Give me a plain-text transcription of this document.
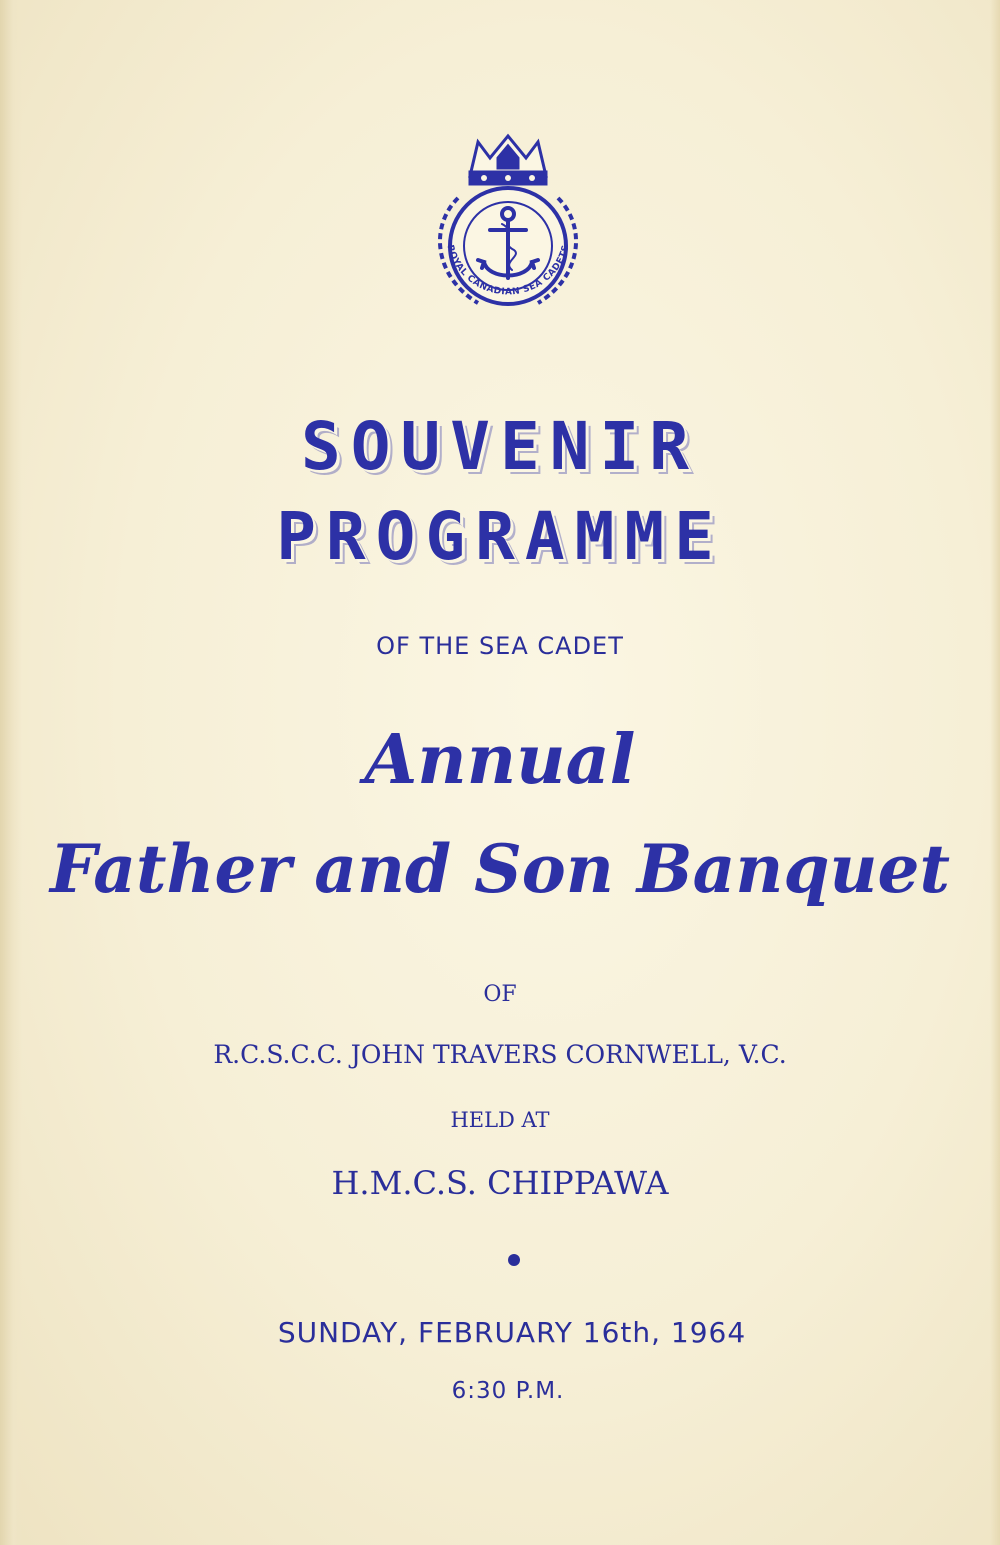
ROYAL CANADIAN SEA CADETS

SOUVENIR

PROGRAMME

OF THE SEA CADET

Annual

Father and Son Banquet

OF

R.C.S.C.C. JOHN TRAVERS CORNWELL, V.C.

HELD AT

H.M.C.S. CHIPPAWA

SUNDAY, FEBRUARY 16th, 1964

6:30 P.M.
